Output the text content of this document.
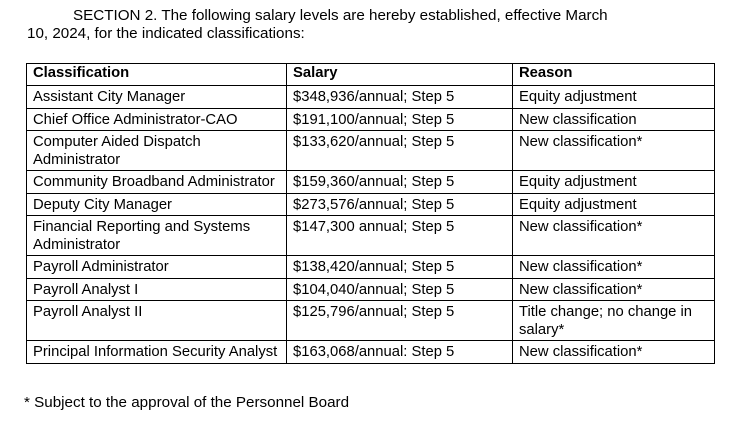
SECTION 2. The following salary levels are hereby established, effective March
10, 2024, for the indicated classifications:
Classification	Salary	Reason
Assistant City Manager	$348,936/annual; Step 5	Equity adjustment
Chief Office Administrator-CAO	$191,100/annual; Step 5	New classification
Computer Aided Dispatch Administrator	$133,620/annual; Step 5	New classification*
Community Broadband Administrator	$159,360/annual; Step 5	Equity adjustment
Deputy City Manager	$273,576/annual; Step 5	Equity adjustment
Financial Reporting and Systems Administrator	$147,300 annual; Step 5	New classification*
Payroll Administrator	$138,420/annual; Step 5	New classification*
Payroll Analyst I	$104,040/annual; Step 5	New classification*
Payroll Analyst II	$125,796/annual; Step 5	Title change; no change in salary*
Principal Information Security Analyst	$163,068/annual: Step 5	New classification*
* Subject to the approval of the Personnel Board
